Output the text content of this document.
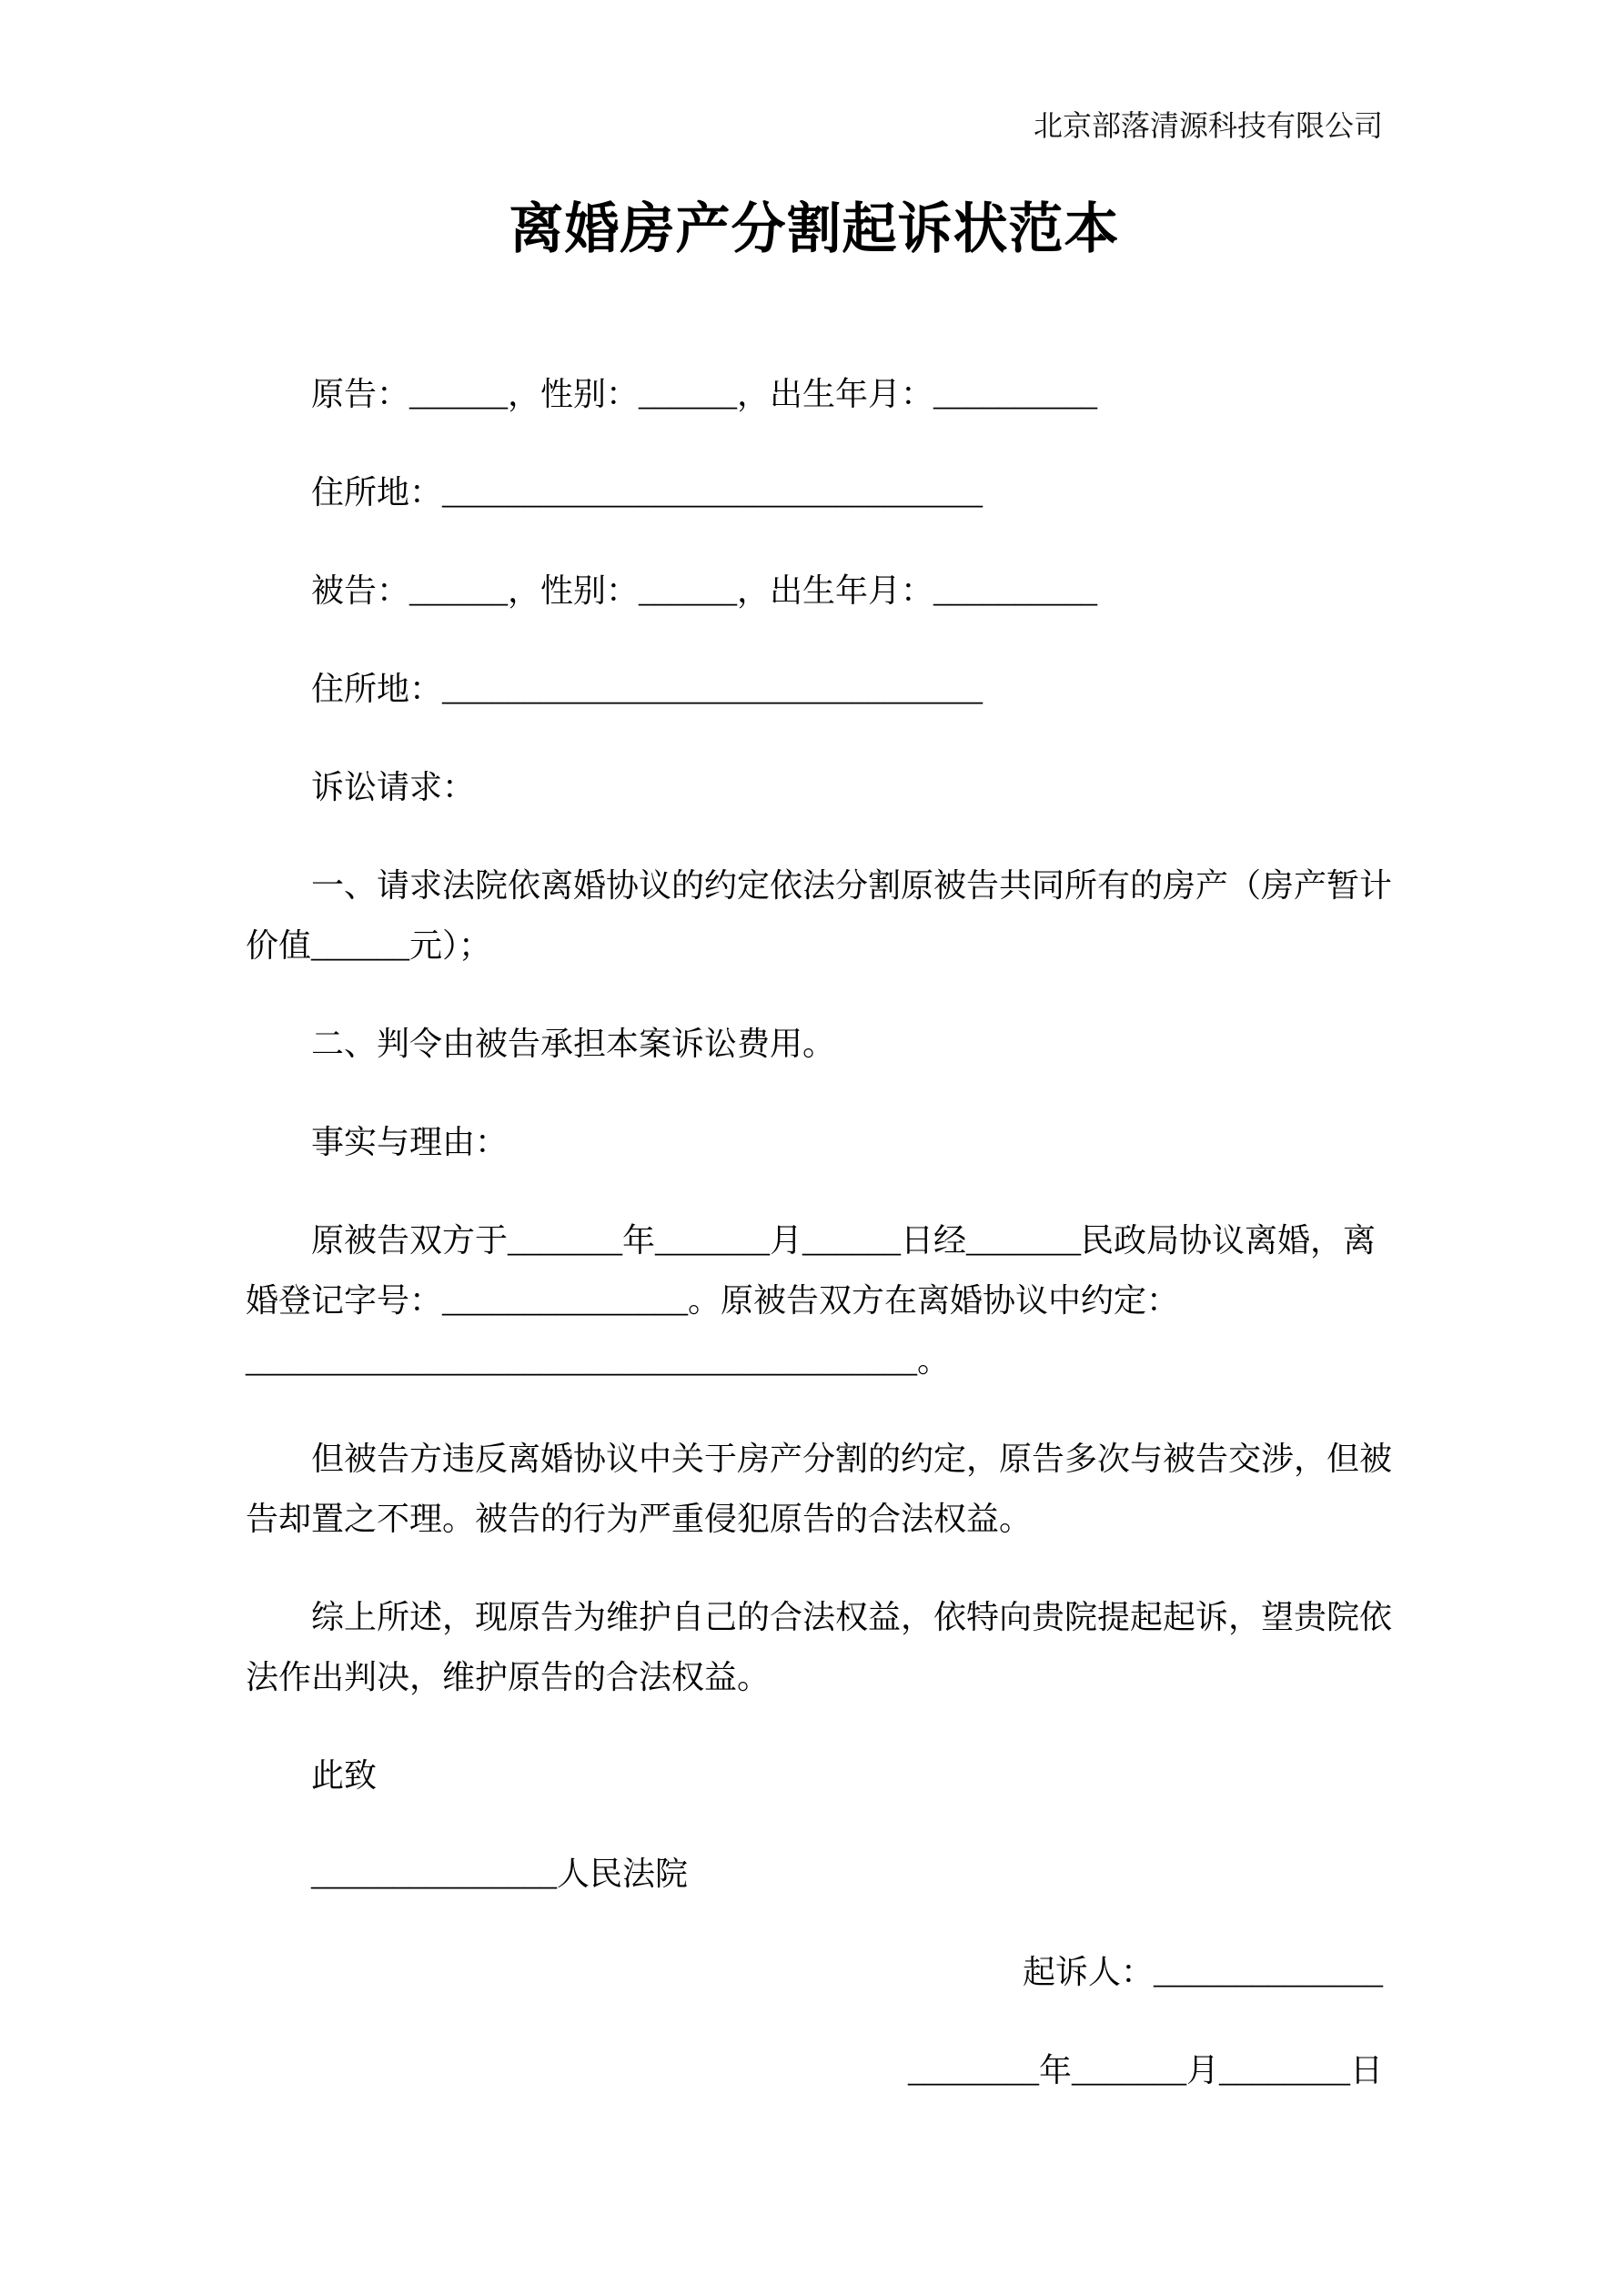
北京部落清源科技有限公司
离婚房产分割起诉状范本
原告：______，性别：______，出生年月：__________
住所地：_________________________________
被告：______，性别：______，出生年月：__________
住所地：_________________________________
诉讼请求：
一、请求法院依离婚协议的约定依法分割原被告共同所有的房产（房产暂计
价值______元）；
二、判令由被告承担本案诉讼费用。
事实与理由：
原被告双方于_______年_______月______日经_______民政局协议离婚，离
婚登记字号：_______________。原被告双方在离婚协议中约定：
_________________________________________。
但被告方违反离婚协议中关于房产分割的约定，原告多次与被告交涉，但被
告却置之不理。被告的行为严重侵犯原告的合法权益。
综上所述，现原告为维护自己的合法权益，依特向贵院提起起诉，望贵院依
法作出判决，维护原告的合法权益。
此致
_______________人民法院
起诉人：______________
________年_______月________日
